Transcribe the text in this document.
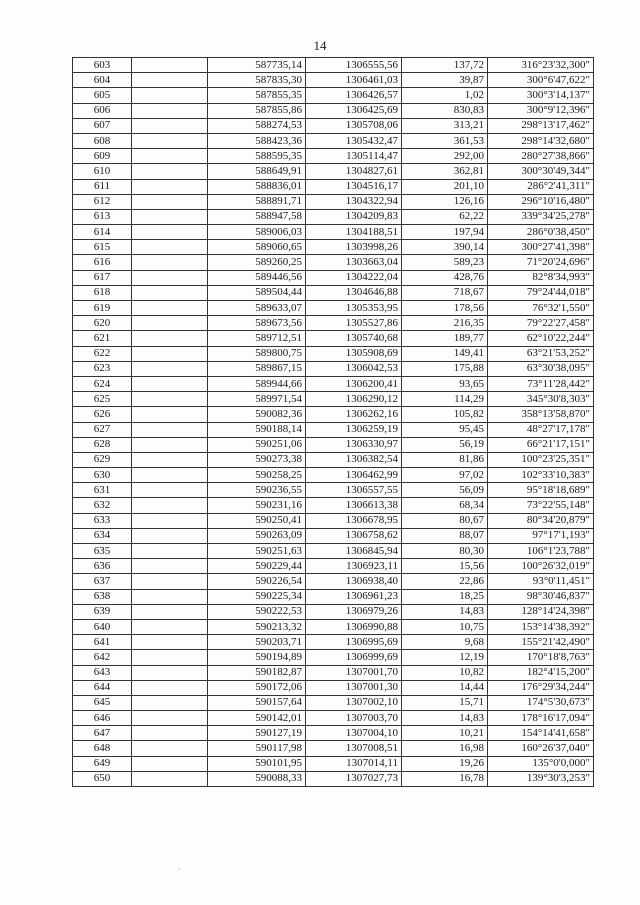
14
603		587735,14	1306555,56	137,72	316°23'32,300"
604		587835,30	1306461,03	39,87	300°6'47,622"
605		587855,35	1306426,57	1,02	300°3'14,137"
606		587855,86	1306425,69	830,83	300°9'12,396"
607		588274,53	1305708,06	313,21	298°13'17,462"
608		588423,36	1305432,47	361,53	298°14'32,680"
609		588595,35	1305114,47	292,00	280°27'38,866"
610		588649,91	1304827,61	362,81	300°30'49,344"
611		588836,01	1304516,17	201,10	286°2'41,311"
612		588891,71	1304322,94	126,16	296°10'16,480"
613		588947,58	1304209,83	62,22	339°34'25,278"
614		589006,03	1304188,51	197,94	286°0'38,450"
615		589060,65	1303998,26	390,14	300°27'41,398"
616		589260,25	1303663,04	589,23	71°20'24,696"
617		589446,56	1304222,04	428,76	82°8'34,993"
618		589504,44	1304646,88	718,67	79°24'44,018"
619		589633,07	1305353,95	178,56	76°32'1,550"
620		589673,56	1305527,86	216,35	79°22'27,458"
621		589712,51	1305740,68	189,77	62°10'22,244"
622		589800,75	1305908,69	149,41	63°21'53,252"
623		589867,15	1306042,53	175,88	63°30'38,095"
624		589944,66	1306200,41	93,65	73°11'28,442"
625		589971,54	1306290,12	114,29	345°30'8,303"
626		590082,36	1306262,16	105,82	358°13'58,870"
627		590188,14	1306259,19	95,45	48°27'17,178"
628		590251,06	1306330,97	56,19	66°21'17,151"
629		590273,38	1306382,54	81,86	100°23'25,351"
630		590258,25	1306462,99	97,02	102°33'10,383"
631		590236,55	1306557,55	56,09	95°18'18,689"
632		590231,16	1306613,38	68,34	73°22'55,148"
633		590250,41	1306678,95	80,67	80°34'20,879"
634		590263,09	1306758,62	88,07	97°17'1,193"
635		590251,63	1306845,94	80,30	106°1'23,788"
636		590229,44	1306923,11	15,56	100°26'32,019"
637		590226,54	1306938,40	22,86	93°0'11,451"
638		590225,34	1306961,23	18,25	98°30'46,837"
639		590222,53	1306979,26	14,83	128°14'24,398"
640		590213,32	1306990,88	10,75	153°14'38,392"
641		590203,71	1306995,69	9,68	155°21'42,490"
642		590194,89	1306999,69	12,19	170°18'8,763"
643		590182,87	1307001,70	10,82	182°4'15,200"
644		590172,06	1307001,30	14,44	176°29'34,244"
645		590157,64	1307002,10	15,71	174°5'30,673"
646		590142,01	1307003,70	14,83	178°16'17,094"
647		590127,19	1307004,10	10,21	154°14'41,658"
648		590117,98	1307008,51	16,98	160°26'37,040"
649		590101,95	1307014,11	19,26	135°0'0,000"
650		590088,33	1307027,73	16,78	139°30'3,253"
